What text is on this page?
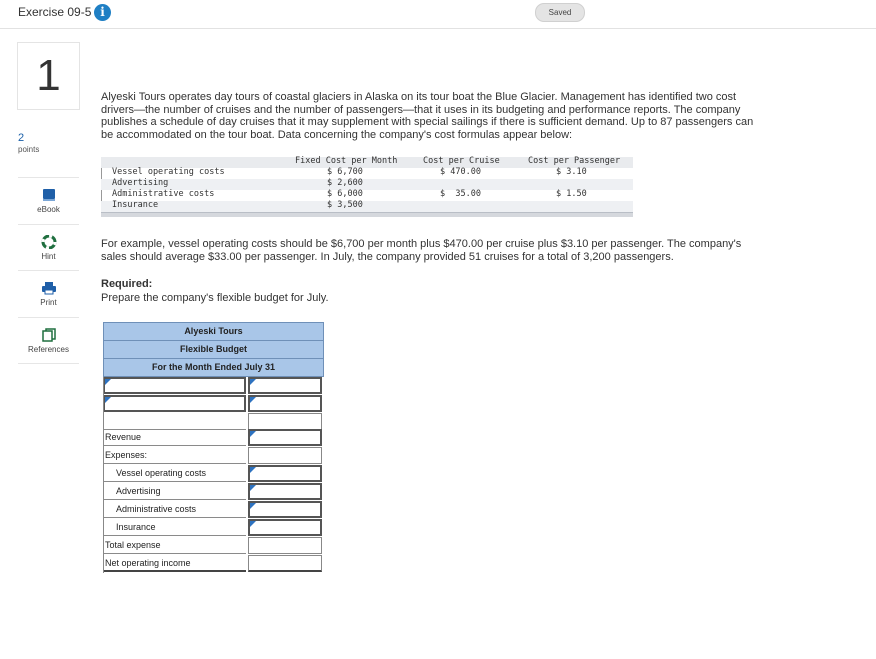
Exercise 09-5 i	Saved
1
2
points
eBook
Hint
Print
References
Alyeski Tours operates day tours of coastal glaciers in Alaska on its tour boat the Blue Glacier. Management has identified two cost
drivers—the number of cruises and the number of passengers—that it uses in its budgeting and performance reports. The company
publishes a schedule of day cruises that it may supplement with special sailings if there is sufficient demand. Up to 87 passengers can
be accommodated on the tour boat. Data concerning the company's cost formulas appear below:
Fixed Cost per Month	Cost per Cruise	Cost per Passenger
Vessel operating costs	$ 6,700	$ 470.00	$ 3.10
Advertising	$ 2,600
Administrative costs	$ 6,000	$  35.00	$ 1.50
Insurance	$ 3,500
For example, vessel operating costs should be $6,700 per month plus $470.00 per cruise plus $3.10 per passenger. The company's
sales should average $33.00 per passenger. In July, the company provided 51 cruises for a total of 3,200 passengers.
Required:
Prepare the company's flexible budget for July.
Alyeski Tours
Flexible Budget
For the Month Ended July 31
Revenue
Expenses:
Vessel operating costs
Advertising
Administrative costs
Insurance
Total expense
Net operating income
